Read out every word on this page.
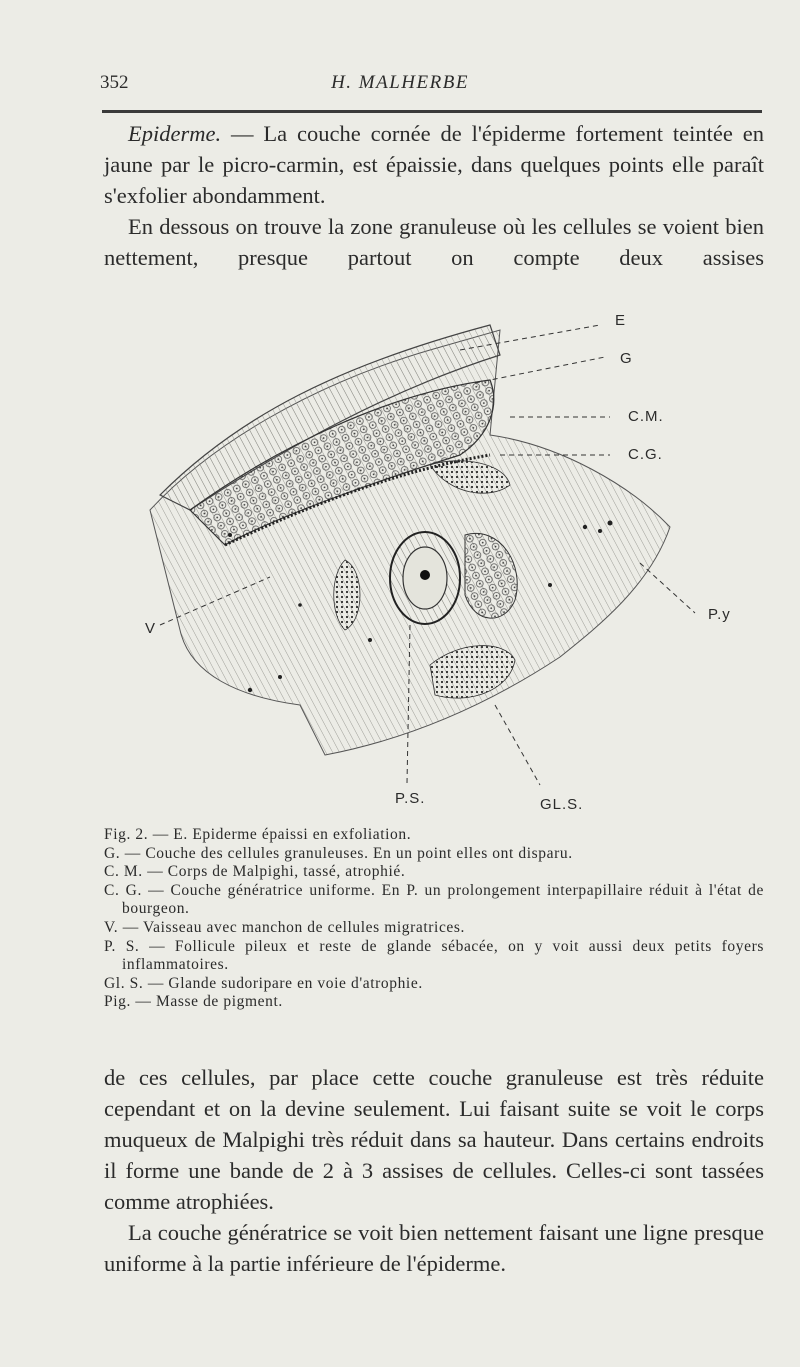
352	H. MALHERBE

Epiderme. — La couche cornée de l'épiderme fortement teintée en jaune par le picro-carmin, est épaissie, dans quelques points elle paraît s'exfolier abondamment.

En dessous on trouve la zone granuleuse où les cellules se voient bien nettement, presque partout on compte deux assises

E
G
C.M.
C.G.
P.y
V
P.S.	GL.S.
Fig. 2. — E. Epiderme épaissi en exfoliation.
G. — Couche des cellules granuleuses. En un point elles ont disparu.
C. M. — Corps de Malpighi, tassé, atrophié.
C. G. — Couche génératrice uniforme. En P. un prolongement interpapillaire réduit à l'état de bourgeon.
V. — Vaisseau avec manchon de cellules migratrices.
P. S. — Follicule pileux et reste de glande sébacée, on y voit aussi deux petits foyers inflammatoires.
Gl. S. — Glande sudoripare en voie d'atrophie.
Pig. — Masse de pigment.

de ces cellules, par place cette couche granuleuse est très réduite cependant et on la devine seulement. Lui faisant suite se voit le corps muqueux de Malpighi très réduit dans sa hauteur. Dans certains endroits il forme une bande de 2 à 3 assises de cellules. Celles-ci sont tassées comme atrophiées.

La couche génératrice se voit bien nettement faisant une ligne presque uniforme à la partie inférieure de l'épiderme.
